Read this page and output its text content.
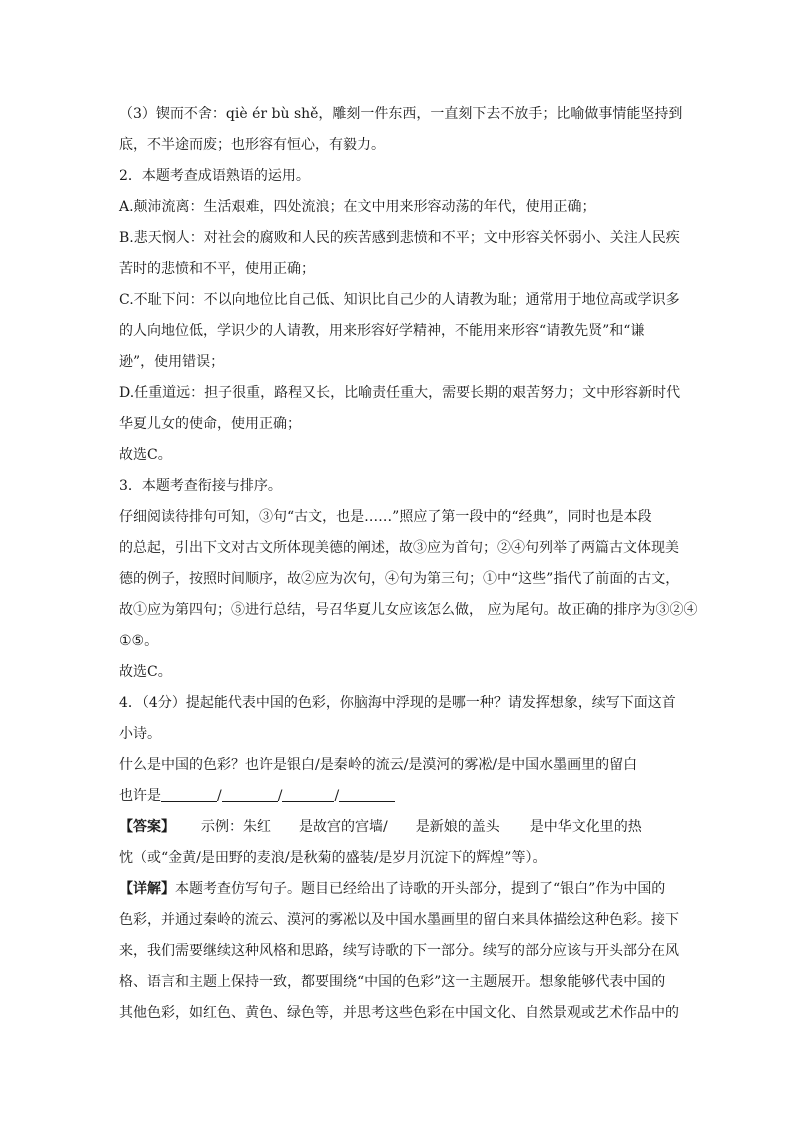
（3）锲而不舍：qiè ér bù shě，雕刻一件东西，一直刻下去不放手；比喻做事情能坚持到
底，不半途而废；也形容有恒心，有毅力。
2．本题考查成语熟语的运用。
A.颠沛流离：生活艰难，四处流浪；在文中用来形容动荡的年代，使用正确；
B.悲天悯人：对社会的腐败和人民的疾苦感到悲愤和不平；文中形容关怀弱小、关注人民疾
苦时的悲愤和不平，使用正确；
C.不耻下问：不以向地位比自己低、知识比自己少的人请教为耻；通常用于地位高或学识多
的人向地位低，学识少的人请教，用来形容好学精神，不能用来形容“请教先贤”和“谦
逊”，使用错误；
D.任重道远：担子很重，路程又长，比喻责任重大，需要长期的艰苦努力；文中形容新时代
华夏儿女的使命，使用正确；
故选C。
3．本题考查衔接与排序。
仔细阅读待排句可知，③句“古文，也是……”照应了第一段中的“经典”，同时也是本段
的总起，引出下文对古文所体现美德的阐述，故③应为首句；②④句列举了两篇古文体现美
德的例子，按照时间顺序，故②应为次句，④句为第三句；①中“这些”指代了前面的古文，
故①应为第四句；⑤进行总结，号召华夏儿女应该怎么做， 应为尾句。故正确的排序为③②④
①⑤。
故选C。
4．（4分）提起能代表中国的色彩，你脑海中浮现的是哪一种？请发挥想象，续写下面这首
小诗。
什么是中国的色彩？也许是银白/是秦岭的流云/是漠河的雾凇/是中国水墨画里的留白
也许是	/	/	/
【答案】 示例：朱红 是故宫的宫墙/ 是新娘的盖头 是中华文化里的热
忱（或“金黄/是田野的麦浪/是秋菊的盛装/是岁月沉淀下的辉煌”等）。
【详解】本题考查仿写句子。题目已经给出了诗歌的开头部分，提到了“银白”作为中国的
色彩，并通过秦岭的流云、漠河的雾凇以及中国水墨画里的留白来具体描绘这种色彩。接下
来，我们需要继续这种风格和思路，续写诗歌的下一部分。续写的部分应该与开头部分在风
格、语言和主题上保持一致，都要围绕“中国的色彩”这一主题展开。想象能够代表中国的
其他色彩，如红色、黄色、绿色等，并思考这些色彩在中国文化、自然景观或艺术作品中的
